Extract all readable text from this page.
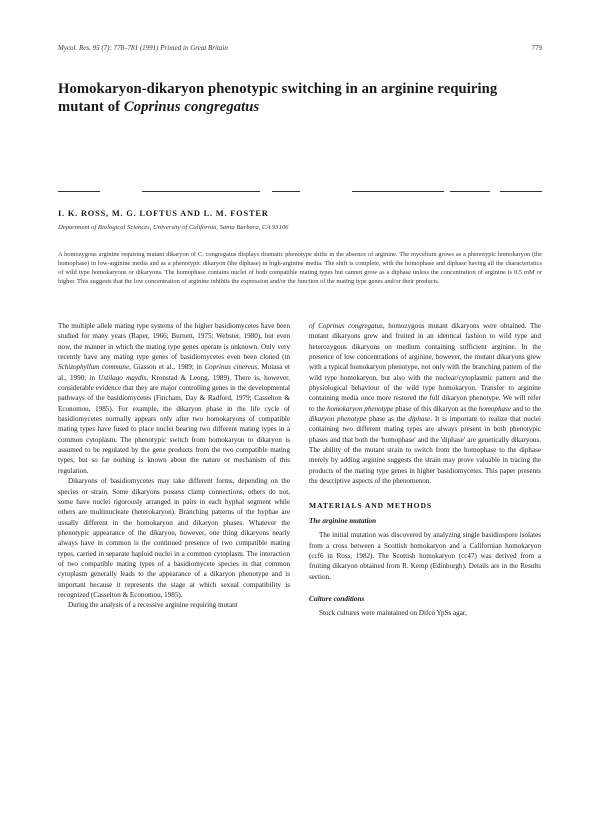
Mycol. Res. 95 (7): 778–781 (1991) Printed in Great Britain	779
Homokaryon-dikaryon phenotypic switching in an arginine requiring mutant of Coprinus congregatus
I. K. ROSS, M. G. LOFTUS AND L. M. FOSTER
Department of Biological Sciences, University of California, Santa Barbara, CA 93106
A homozygous arginine requiring mutant dikaryon of C. congregatus displays dramatic phenotype shifts in the absence of arginine. The mycelium grows as a phenotypic homokaryon (the homophase) in low-arginine media and as a phenotypic dikaryon (the diphase) in high-arginine media. The shift is complete, with the homophase and diphase having all the characteristics of wild type homokaryons or dikaryons. The homophase contains nuclei of both compatible mating types but cannot grow as a diphase unless the concentration of arginine is 0.5 mM or higher. This suggests that the low concentration of arginine inhibits the expression and/or the function of the mating type genes and/or their products.

The multiple allele mating type systems of the higher basidiomycetes have been studied for many years (Raper, 1966; Burnett, 1975; Webster, 1980), but even now, the manner in which the mating type genes operate is unknown. Only very recently have any mating type genes of basidiomycetes even been cloned (in Schizophyllum commune, Giasson et al., 1989; in Coprinus cinereus, Mutasa et al., 1990; in Ustilago maydis, Kronstad & Leong, 1989). There is, however, considerable evidence that they are major controlling genes in the developmental pathways of the basidiomycetes (Fincham, Day & Radford, 1979; Casselton & Economou, 1985). For example, the dikaryon phase in the life cycle of basidiomycetes normally appears only after two homokaryons of compatible mating types have fused to place nuclei bearing two different mating types in a common cytoplasm. The phenotypic switch from homokaryon to dikaryon is assumed to be regulated by the gene products from the two compatible mating types, but so far nothing is known about the nature or mechanism of this regulation.

Dikaryons of basidiomycetes may take different forms, depending on the species or strain. Some dikaryons possess clamp connections, others do not, some have nuclei rigorously arranged in pairs in each hyphal segment while others are multinucleate (heterokaryon). Branching patterns of the hyphae are usually different in the homokaryon and dikaryon phases. Whatever the phenotypic appearance of the dikaryon, however, one thing dikaryons nearly always have in common is the continued presence of two compatible mating types, carried in separate haploid nuclei in a common cytoplasm. The interaction of two compatible mating types of a basidiomycete species in that common cytoplasm generally leads to the appearance of a dikaryon phenotype and is important because it represents the stage at which sexual compatibility is recognized (Casselton & Economou, 1985).

During the analysis of a recessive arginine requiring mutant

of Coprinus congregatus, homozygous mutant dikaryons were obtained. The mutant dikaryons grew and fruited in an identical fashion to wild type and heterozygous dikaryons on medium containing sufficient arginine. In the presence of low concentrations of arginine, however, the mutant dikaryons grew with a typical homokaryon phenotype, not only with the branching pattern of the wild type homokaryon, but also with the nuclear/cytoplasmic pattern and the physiological behaviour of the wild type homokaryon. Transfer to arginine containing media once more restored the full dikaryon phenotype. We will refer to the homokaryon phenotype phase of this dikaryon as the homophase and to the dikaryon phenotype phase as the diphase. It is important to realize that nuclei containing two different mating types are always present in both phenotypic phases and that both the 'homophase' and the 'diphase' are genetically dikaryons. The ability of the mutant strain to switch from the homophase to the diphase merely by adding arginine suggests the strain may prove valuable in tracing the products of the mating type genes in higher basidiomycetes. This paper presents the descriptive aspects of the phenomenon.

MATERIALS AND METHODS
The arginine mutation

The initial mutation was discovered by analyzing single basidiospore isolates from a cross between a Scottish homokaryon and a Californian homokaryon (ccf6 in Ross, 1982). The Scottish homokaryon (cc47) was derived from a fruiting dikaryon obtained from R. Kemp (Edinburgh). Details are in the Results section.

Culture conditions

Stock cultures were maintained on Difco YpSs agar,
